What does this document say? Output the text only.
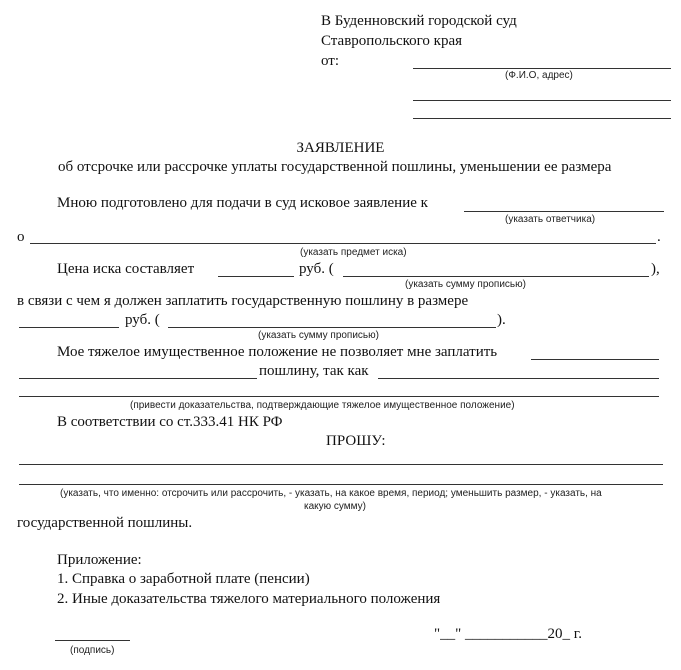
В Буденновский городской суд
Ставропольского края
от:
(Ф.И.О, адрес)
ЗАЯВЛЕНИЕ
об отсрочке или рассрочке уплаты государственной пошлины, уменьшении ее размера
Мною подготовлено для подачи в суд исковое заявление к
(указать ответчика)
о	.
(указать предмет иска)
Цена иска составляет	руб. (	),
(указать сумму прописью)
в связи с чем я должен заплатить государственную пошлину в размере
руб. (	).
(указать сумму прописью)
Мое тяжелое имущественное положение не позволяет мне заплатить
пошлину, так как
(привести доказательства, подтверждающие тяжелое имущественное положение)
В соответствии со ст.333.41 НК РФ
ПРОШУ:
(указать, что именно: отсрочить или рассрочить, - указать, на какое время, период; уменьшить размер, - указать, на
какую сумму)
государственной пошлины.
Приложение:
1. Справка о заработной плате (пенсии)
2. Иные доказательства тяжелого материального положения
(подпись)
"__" ___________20_ г.
